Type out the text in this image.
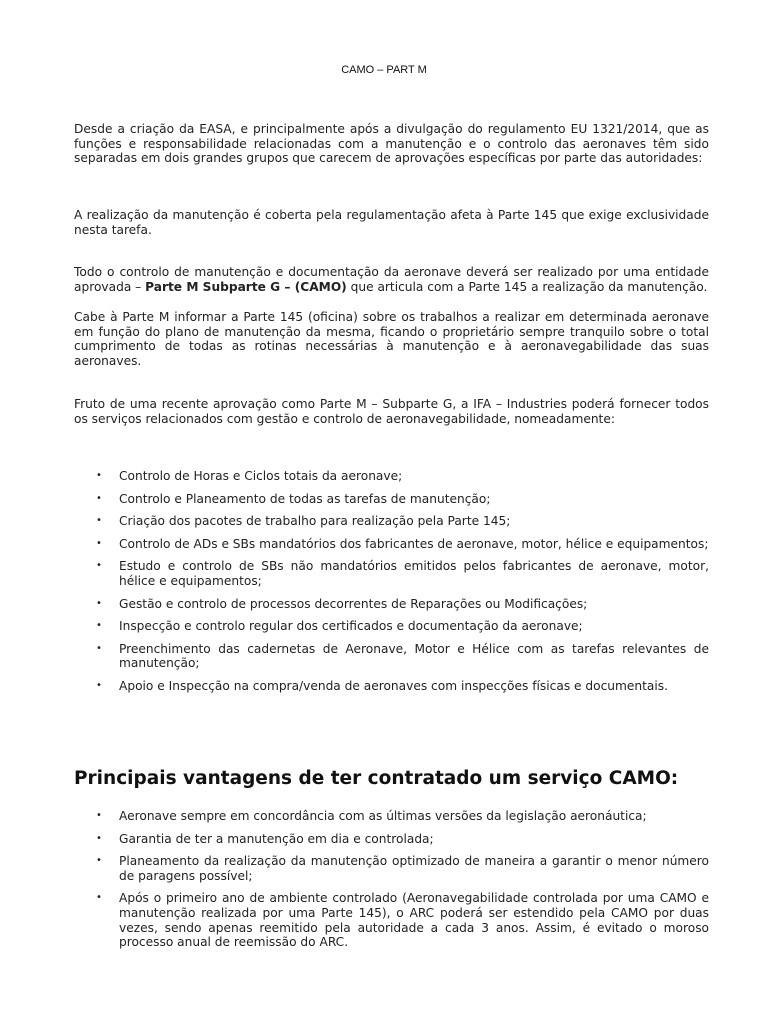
CAMO – PART M

Desde a criação da EASA, e principalmente após a divulgação do regulamento EU 1321/2014, que as funções e responsabilidade relacionadas com a manutenção e o controlo das aeronaves têm sido separadas em dois grandes grupos que carecem de aprovações específicas por parte das autoridades:

A realização da manutenção é coberta pela regulamentação afeta à Parte 145 que exige exclusividade nesta tarefa.

Todo o controlo de manutenção e documentação da aeronave deverá ser realizado por uma entidade aprovada – Parte M Subparte G – (CAMO) que articula com a Parte 145 a realização da manutenção.

Cabe à Parte M informar a Parte 145 (oficina) sobre os trabalhos a realizar em determinada aeronave em função do plano de manutenção da mesma, ficando o proprietário sempre tranquilo sobre o total cumprimento de todas as rotinas necessárias à manutenção e à aeronavegabilidade das suas aeronaves.

Fruto de uma recente aprovação como Parte M – Subparte G, a IFA – Industries poderá fornecer todos os serviços relacionados com gestão e controlo de aeronavegabilidade, nomeadamente:

• Controlo de Horas e Ciclos totais da aeronave;
• Controlo e Planeamento de todas as tarefas de manutenção;
• Criação dos pacotes de trabalho para realização pela Parte 145;
• Controlo de ADs e SBs mandatórios dos fabricantes de aeronave, motor, hélice e equipamentos;
• Estudo e controlo de SBs não mandatórios emitidos pelos fabricantes de aeronave, motor, hélice e equipamentos;
• Gestão e controlo de processos decorrentes de Reparações ou Modificações;
• Inspecção e controlo regular dos certificados e documentação da aeronave;
• Preenchimento das cadernetas de Aeronave, Motor e Hélice com as tarefas relevantes de manutenção;
• Apoio e Inspecção na compra/venda de aeronaves com inspecções físicas e documentais.
Principais vantagens de ter contratado um serviço CAMO:
• Aeronave sempre em concordância com as últimas versões da legislação aeronáutica;
• Garantia de ter a manutenção em dia e controlada;
• Planeamento da realização da manutenção optimizado de maneira a garantir o menor número de paragens possível;
• Após o primeiro ano de ambiente controlado (Aeronavegabilidade controlada por uma CAMO e manutenção realizada por uma Parte 145), o ARC poderá ser estendido pela CAMO por duas vezes, sendo apenas reemitido pela autoridade a cada 3 anos. Assim, é evitado o moroso processo anual de reemissão do ARC.
